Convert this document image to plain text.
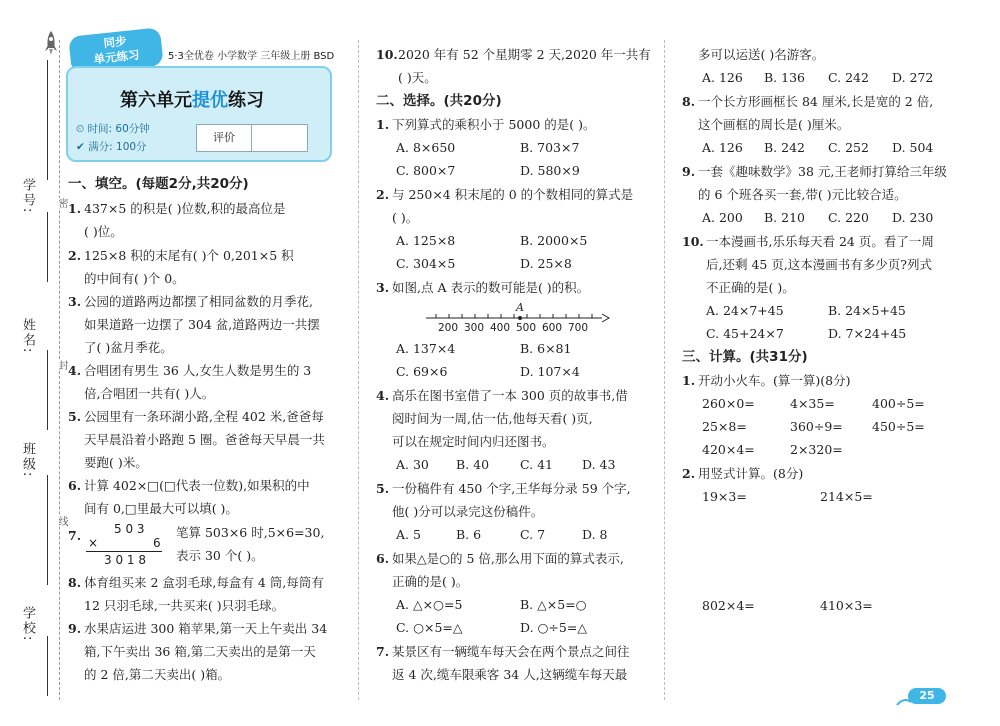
学号:
姓名:
班级:
学校:
密
封
线
同步
单元练习	5·3全优卷 小学数学 三年级上册 BSD
第六单元提优练习
⏲ 时间: 60分钟
✔ 满分: 100分
评价
一、填空。(每题2分,共20分)
1. 437×5 的积是( )位数,积的最高位是
( )位。
2. 125×8 积的末尾有( )个 0,201×5 积
的中间有( )个 0。
3. 公园的道路两边都摆了相同盆数的月季花,
如果道路一边摆了 304 盆,道路两边一共摆
了( )盆月季花。
4. 合唱团有男生 36 人,女生人数是男生的 3
倍,合唱团一共有( )人。
5. 公园里有一条环湖小路,全程 402 米,爸爸每
天早晨沿着小路跑 5 圈。爸爸每天早晨一共
要跑( )米。
6. 计算 402×□(□代表一位数),如果积的中
间有 0,□里最大可以填( )。
7.	5 0 3
×	6
3 0 1 8
笔算 503×6 时,5×6=30,
表示 30 个( )。
8. 体育组买来 2 盒羽毛球,每盒有 4 筒,每筒有
12 只羽毛球,一共买来( )只羽毛球。
9. 水果店运进 300 箱苹果,第一天上午卖出 34
箱,下午卖出 36 箱,第二天卖出的是第一天
的 2 倍,第二天卖出( )箱。
10. 2020 年有 52 个星期零 2 天,2020 年一共有
( )天。
二、选择。(共20分)
1. 下列算式的乘积小于 5000 的是( )。
A. 8×650	B. 703×7
C. 800×7	D. 580×9
2. 与 250×4 积末尾的 0 的个数相同的算式是
( )。
A. 125×8	B. 2000×5
C. 304×5	D. 25×8
3. 如图,点 A 表示的数可能是( )的积。
A
200 300 400 500 600 700
A. 137×4	B. 6×81
C. 69×6	D. 107×4
4. 高乐在图书室借了一本 300 页的故事书,借
阅时间为一周,估一估,他每天看( )页,
可以在规定时间内归还图书。
A. 30 B. 40 C. 41 D. 43
5. 一份稿件有 450 个字,王华每分录 59 个字,
他( )分可以录完这份稿件。
A. 5	B. 6	C. 7	D. 8
6. 如果△是○的 5 倍,那么用下面的算式表示,
正确的是( )。
A. △×○=5	B. △×5=○
C. ○×5=△	D. ○÷5=△
7. 某景区有一辆缆车每天会在两个景点之间往
返 4 次,缆车限乘客 34 人,这辆缆车每天最
多可以运送( )名游客。
A. 126 B. 136 C. 242 D. 272
8. 一个长方形画框长 84 厘米,长是宽的 2 倍,
这个画框的周长是( )厘米。
A. 126 B. 242 C. 252 D. 504
9. 一套《趣味数学》38 元,王老师打算给三年级
的 6 个班各买一套,带( )元比较合适。
A. 200 B. 210 C. 220 D. 230
10. 一本漫画书,乐乐每天看 24 页。看了一周
后,还剩 45 页,这本漫画书有多少页?列式
不正确的是( )。
A. 24×7+45	B. 24×5+45
C. 45+24×7	D. 7×24+45
三、计算。(共31分)
1. 开动小火车。(算一算)(8分)
260×0=	4×35=	400÷5=
25×8=	360÷9= 450÷5=
420×4=	2×320=
2. 用竖式计算。(8分)
19×3=	214×5=
802×4=	410×3=
25
